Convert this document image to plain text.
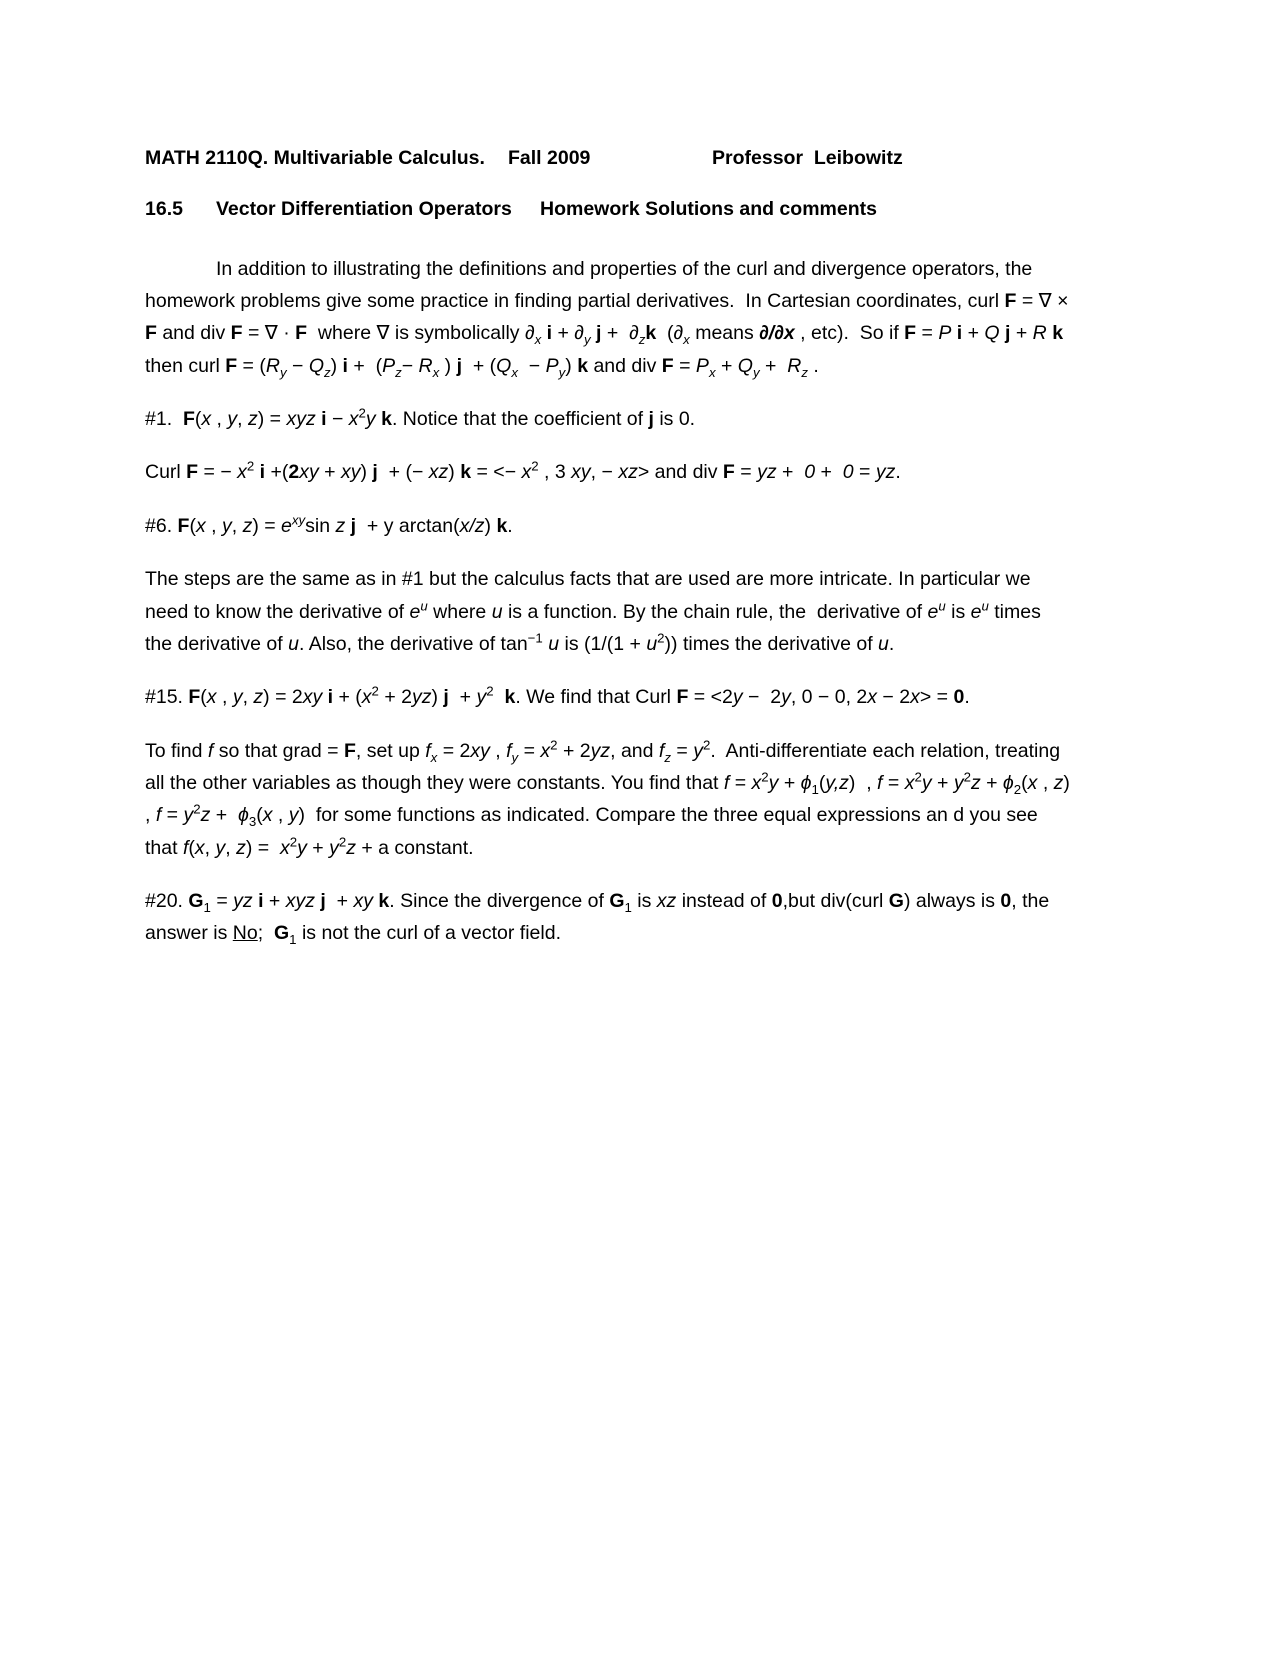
MATH 2110Q. Multivariable Calculus.	Fall 2009	Professor  Leibowitz
16.5	Vector Differentiation Operators	Homework Solutions and comments

In addition to illustrating the definitions and properties of the curl and divergence operators, the homework problems give some practice in finding partial derivatives.  In Cartesian coordinates, curl F = ∇ × F and div F = ∇ · F  where ∇ is symbolically $\partial_x$ $i + \partial_y$ $j + \partial_zk$  ($\partial_x$ means ∂/∂x , etc).  So if F = P i + Q j + R k then curl $F = (R_y - Q_z) i + (P_z- R_x$ ) $j + (Q_x - P_y)$ k and div $F = P_x + Q_y + R_z$ .

#1.  F(x , y, z) = xyz $i - x^2y$ k. Notice that the coefficient of j is 0.

Curl F = − $x^2$ i +(2xy + xy) j  + (− xz) k = <− $x^2$ , 3 xy, − xz> and div F = yz +  0 +  0 = yz.

#6. F(x , y, $z) = e^{xy}\sin$ z j  + y arctan(x/z) k.

The steps are the same as in #1 but the calculus facts that are used are more intricate. In particular we need to know the derivative of $e^u$ where u is a function. By the chain rule, the  derivative of $e^u$ is $e^u$ times the derivative of u. Also, the derivative of $\tan^{-1} u$ is $(1/(1 + u^2))$ times the derivative of u.

#15. F(x , y, z) = 2xy $i + (x^2 + 2yz) j + y^2$ k. We find that Curl F = <2y −  2y, 0 − 0, 2x − 2x> = 0.

To find f so that grad = F, set up $f_x = 2xy$ , $f_y = x^2 + 2yz$, and $f_z = y^2$.  Anti-differentiate each relation, treating all the other variables as though they were constants. You find that $f = x^2y + \phi_1(y,z)$  , $f = x^2y + y^2z + \phi_2(x$ , z) , $f = y^2z + \phi_3(x$ , y)  for some functions as indicated. Compare the three equal expressions an d you see that f(x, y, $z) = x^2y + y^2z + a$ constant.

#20. $G_1$ = yz i + xyz j  + xy k. Since the divergence of $G_1$ is xz instead of 0,but div(curl G) always is 0, the answer is No;  $G_1$ is not the curl of a vector field.
